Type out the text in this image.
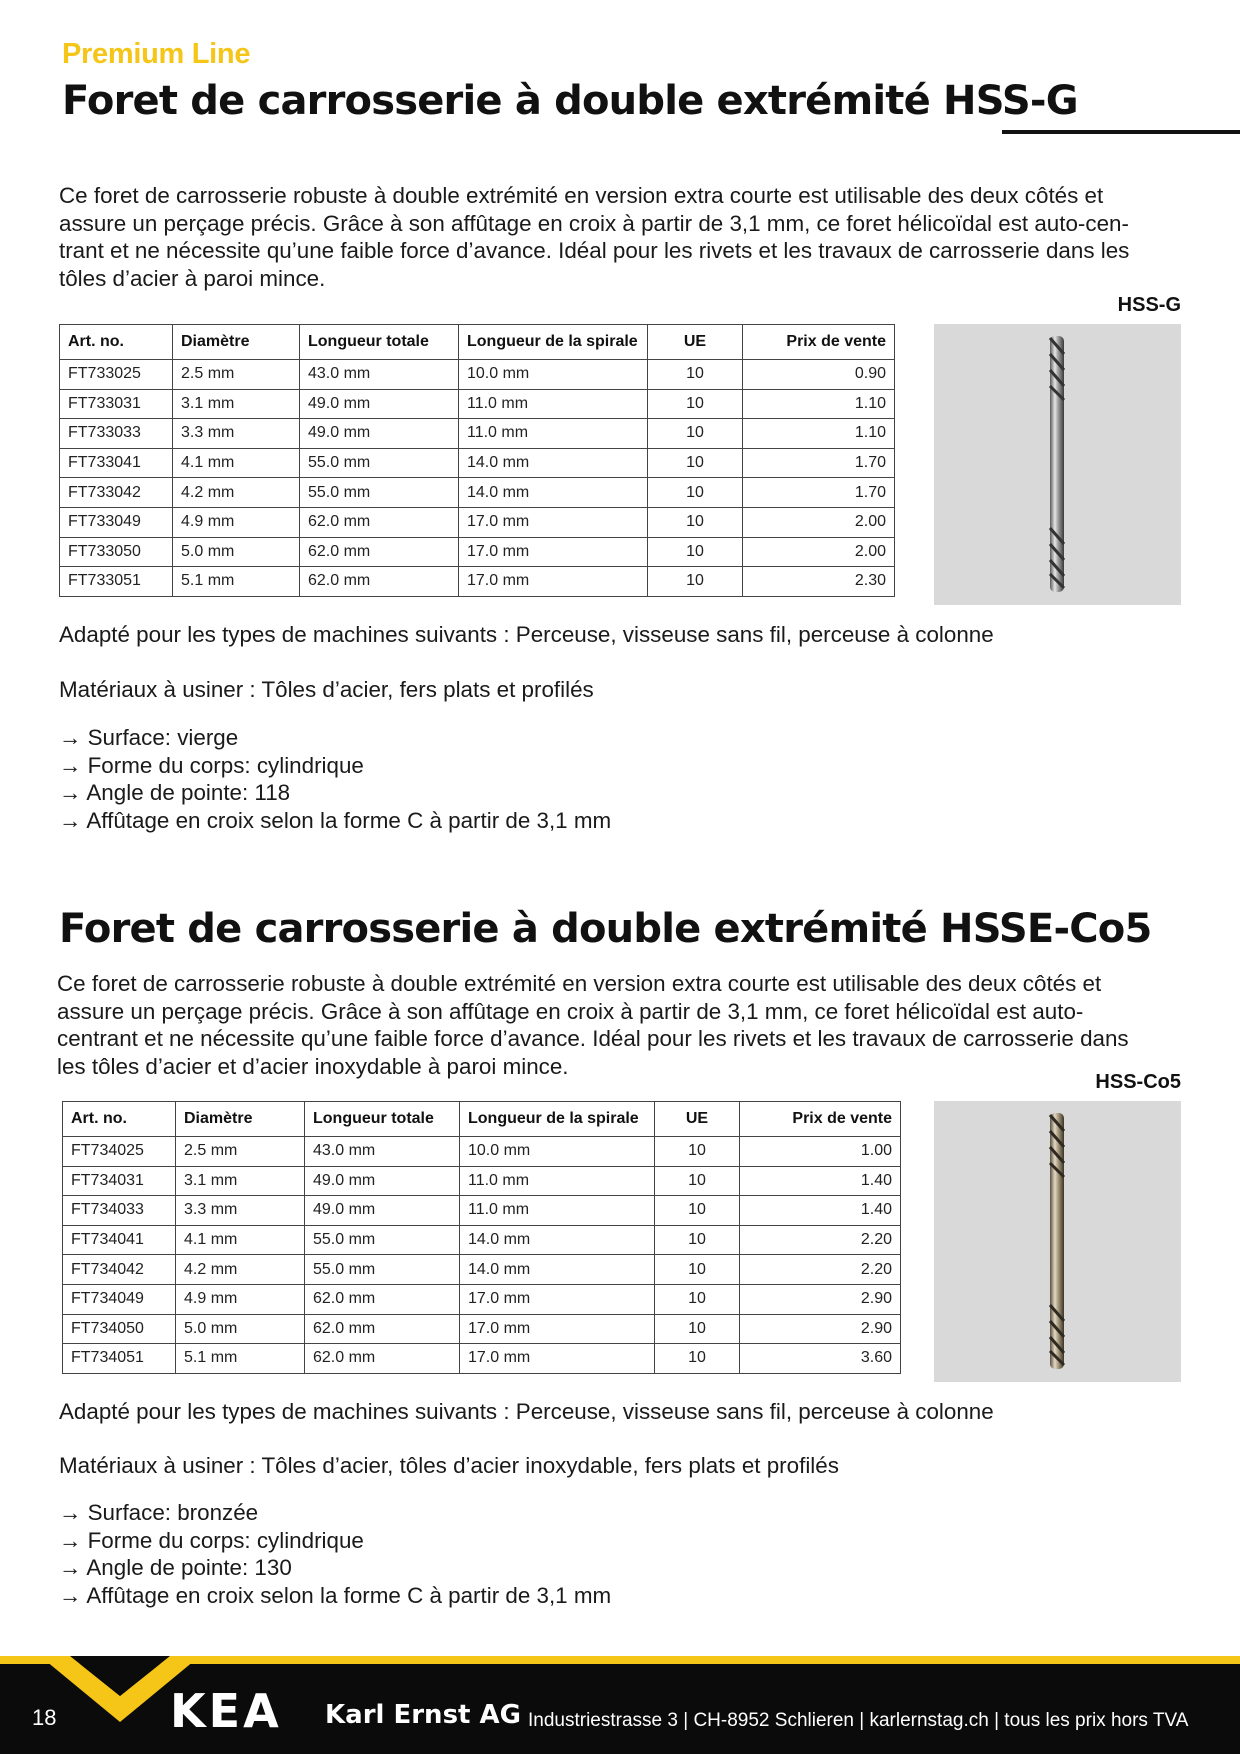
Premium Line
Foret de carrosserie à double extrémité HSS-G

Ce foret de carrosserie robuste à double extrémité en version extra courte est utilisable des deux côtés et

assure un perçage précis. Grâce à son affûtage en croix à partir de 3,1 mm, ce foret hélicoïdal est auto-cen-

trant et ne nécessite qu’une faible force d’avance. Idéal pour les rivets et les travaux de carrosserie dans les

tôles d’acier à paroi mince.

HSS-G
Art. no.	Diamètre	Longueur totale	Longueur de la spirale	UE	Prix de vente
FT733025	2.5 mm	43.0 mm	10.0 mm	10	0.90
FT733031	3.1 mm	49.0 mm	11.0 mm	10	1.10
FT733033	3.3 mm	49.0 mm	11.0 mm	10	1.10
FT733041	4.1 mm	55.0 mm	14.0 mm	10	1.70
FT733042	4.2 mm	55.0 mm	14.0 mm	10	1.70
FT733049	4.9 mm	62.0 mm	17.0 mm	10	2.00
FT733050	5.0 mm	62.0 mm	17.0 mm	10	2.00
FT733051	5.1 mm	62.0 mm	17.0 mm	10	2.30
Adapté pour les types de machines suivants : Perceuse, visseuse sans fil, perceuse à colonne
Matériaux à usiner : Tôles d’acier, fers plats et profilés
→ Surface: vierge
→ Forme du corps: cylindrique
→ Angle de pointe: 118
→ Affûtage en croix selon la forme C à partir de 3,1 mm
Foret de carrosserie à double extrémité HSSE-Co5

Ce foret de carrosserie robuste à double extrémité en version extra courte est utilisable des deux côtés et

assure un perçage précis. Grâce à son affûtage en croix à partir de 3,1 mm, ce foret hélicoïdal est auto-

centrant et ne nécessite qu’une faible force d’avance. Idéal pour les rivets et les travaux de carrosserie dans

les tôles d’acier et d’acier inoxydable à paroi mince.

HSS-Co5
Art. no.	Diamètre	Longueur totale	Longueur de la spirale	UE	Prix de vente
FT734025	2.5 mm	43.0 mm	10.0 mm	10	1.00
FT734031	3.1 mm	49.0 mm	11.0 mm	10	1.40
FT734033	3.3 mm	49.0 mm	11.0 mm	10	1.40
FT734041	4.1 mm	55.0 mm	14.0 mm	10	2.20
FT734042	4.2 mm	55.0 mm	14.0 mm	10	2.20
FT734049	4.9 mm	62.0 mm	17.0 mm	10	2.90
FT734050	5.0 mm	62.0 mm	17.0 mm	10	2.90
FT734051	5.1 mm	62.0 mm	17.0 mm	10	3.60
Adapté pour les types de machines suivants : Perceuse, visseuse sans fil, perceuse à colonne
Matériaux à usiner : Tôles d’acier, tôles d’acier inoxydable, fers plats et profilés
→ Surface: bronzée
→ Forme du corps: cylindrique
→ Angle de pointe: 130
→ Affûtage en croix selon la forme C à partir de 3,1 mm
18 KEA Karl Ernst AG Industriestrasse 3 | CH-8952 Schlieren | karlernstag.ch | tous les prix hors TVA
